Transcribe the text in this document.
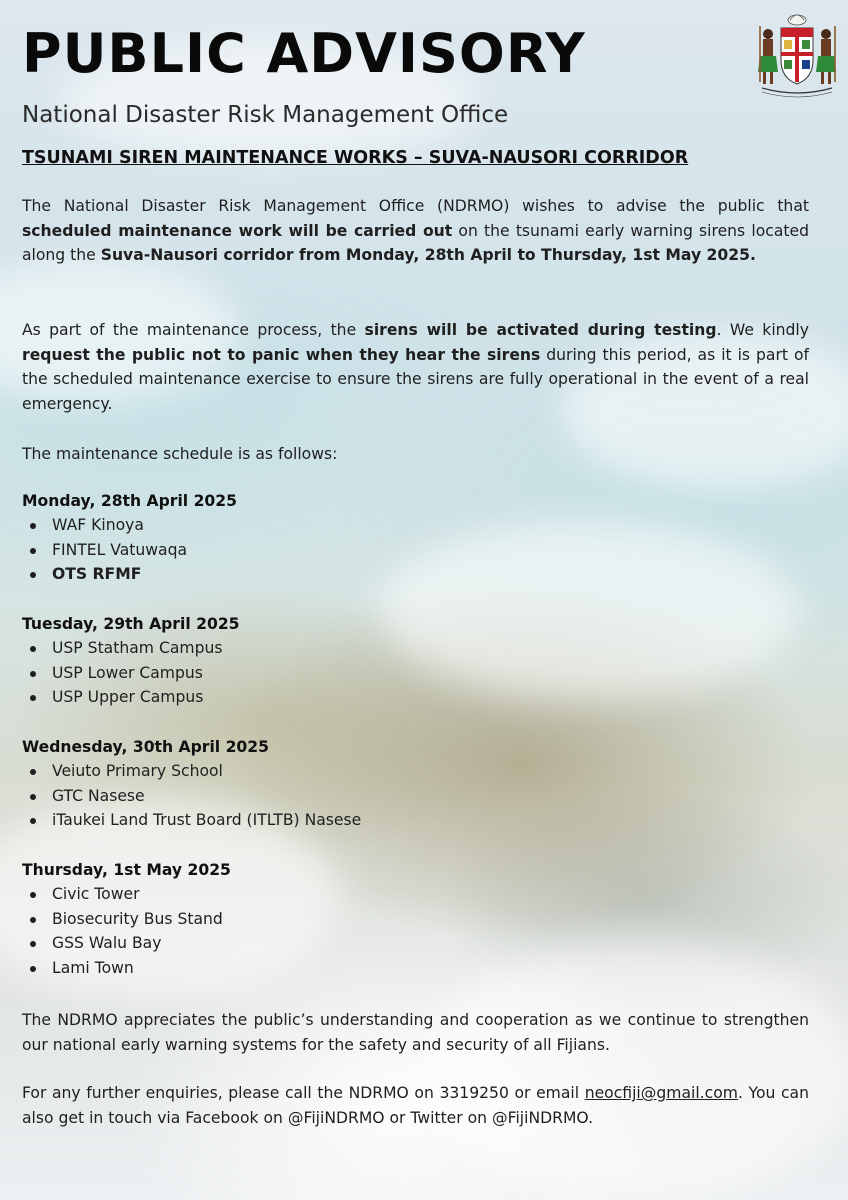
PUBLIC ADVISORY
National Disaster Risk Management Office
TSUNAMI SIREN MAINTENANCE WORKS – SUVA-NAUSORI CORRIDOR

The National Disaster Risk Management Office (NDRMO) wishes to advise the public that scheduled maintenance work will be carried out on the tsunami early warning sirens located along the Suva-Nausori corridor from Monday, 28th April to Thursday, 1st May 2025.

As part of the maintenance process, the sirens will be activated during testing. We kindly request the public not to panic when they hear the sirens during this period, as it is part of the scheduled maintenance exercise to ensure the sirens are fully operational in the event of a real emergency.

The maintenance schedule is as follows:

Monday, 28th April 2025

WAF Kinoya
FINTEL Vatuwaqa
OTS RFMF

Tuesday, 29th April 2025

USP Statham Campus
USP Lower Campus
USP Upper Campus

Wednesday, 30th April 2025

Veiuto Primary School
GTC Nasese
iTaukei Land Trust Board (ITLTB) Nasese

Thursday, 1st May 2025

Civic Tower
Biosecurity Bus Stand
GSS Walu Bay
Lami Town

The NDRMO appreciates the public’s understanding and cooperation as we continue to strengthen our national early warning systems for the safety and security of all Fijians.

For any further enquiries, please call the NDRMO on 3319250 or email neocfiji@gmail.com. You can also get in touch via Facebook on @FijiNDRMO or Twitter on @FijiNDRMO.
